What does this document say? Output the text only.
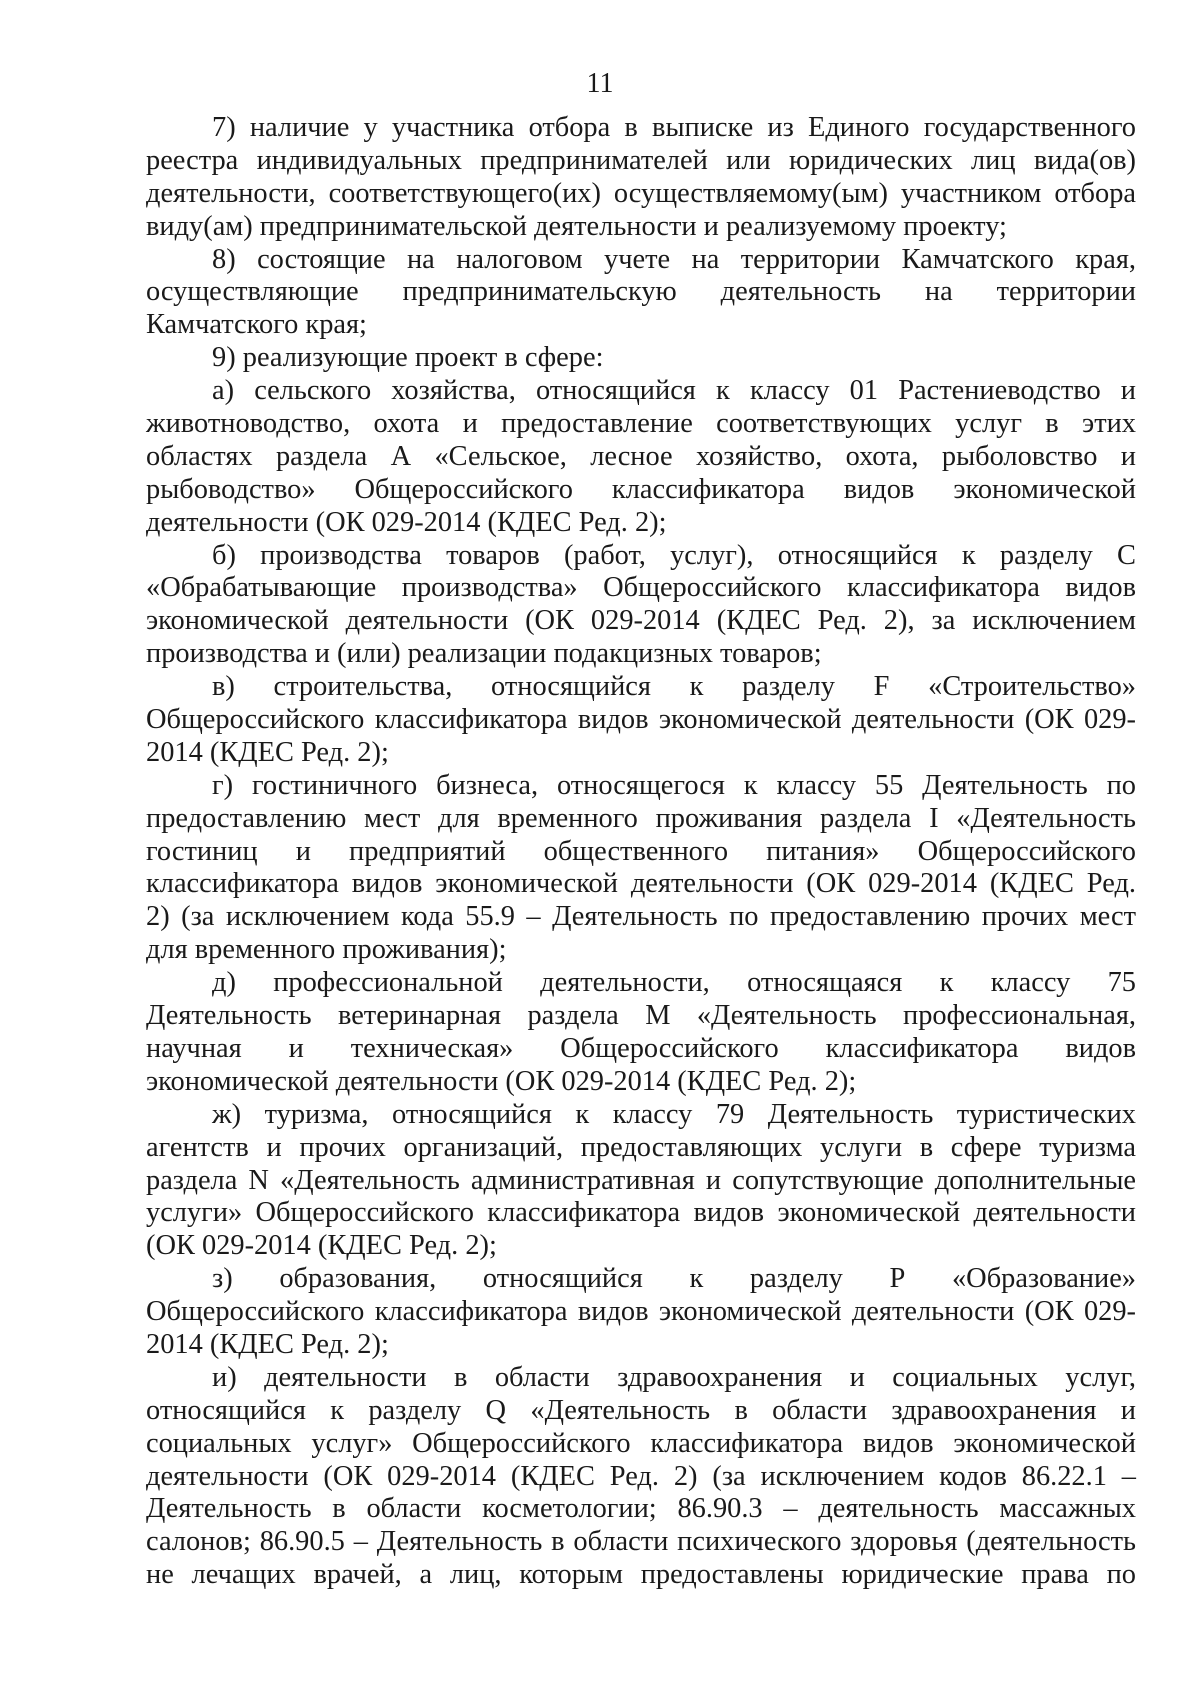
11
7) наличие у участника отбора в выписке из Единого государственного
реестра индивидуальных предпринимателей или юридических лиц вида(ов)
деятельности, соответствующего(их) осуществляемому(ым) участником отбора
виду(ам) предпринимательской деятельности и реализуемому проекту;
8) состоящие на налоговом учете на территории Камчатского края,
осуществляющие предпринимательскую деятельность на территории
Камчатского края;
9) реализующие проект в сфере:
а) сельского хозяйства, относящийся к классу 01 Растениеводство и
животноводство, охота и предоставление соответствующих услуг в этих
областях раздела А «Сельское, лесное хозяйство, охота, рыболовство и
рыбоводство» Общероссийского классификатора видов экономической
деятельности (ОК 029-2014 (КДЕС Ред. 2);
б) производства товаров (работ, услуг), относящийся к разделу С
«Обрабатывающие производства» Общероссийского классификатора видов
экономической деятельности (ОК 029-2014 (КДЕС Ред. 2), за исключением
производства и (или) реализации подакцизных товаров;
в) строительства, относящийся к разделу F «Строительство»
Общероссийского классификатора видов экономической деятельности (ОК 029-
2014 (КДЕС Ред. 2);
г) гостиничного бизнеса, относящегося к классу 55 Деятельность по
предоставлению мест для временного проживания раздела I «Деятельность
гостиниц и предприятий общественного питания» Общероссийского
классификатора видов экономической деятельности (ОК 029-2014 (КДЕС Ред.
2) (за исключением кода 55.9 – Деятельность по предоставлению прочих мест
для временного проживания);
д) профессиональной деятельности, относящаяся к классу 75
Деятельность ветеринарная раздела М «Деятельность профессиональная,
научная и техническая» Общероссийского классификатора видов
экономической деятельности (ОК 029-2014 (КДЕС Ред. 2);
ж) туризма, относящийся к классу 79 Деятельность туристических
агентств и прочих организаций, предоставляющих услуги в сфере туризма
раздела N «Деятельность административная и сопутствующие дополнительные
услуги» Общероссийского классификатора видов экономической деятельности
(ОК 029-2014 (КДЕС Ред. 2);
з) образования, относящийся к разделу Р «Образование»
Общероссийского классификатора видов экономической деятельности (ОК 029-
2014 (КДЕС Ред. 2);
и) деятельности в области здравоохранения и социальных услуг,
относящийся к разделу Q «Деятельность в области здравоохранения и
социальных услуг» Общероссийского классификатора видов экономической
деятельности (ОК 029-2014 (КДЕС Ред. 2) (за исключением кодов 86.22.1 –
Деятельность в области косметологии; 86.90.3 – деятельность массажных
салонов; 86.90.5 – Деятельность в области психического здоровья (деятельность
не лечащих врачей, а лиц, которым предоставлены юридические права по
